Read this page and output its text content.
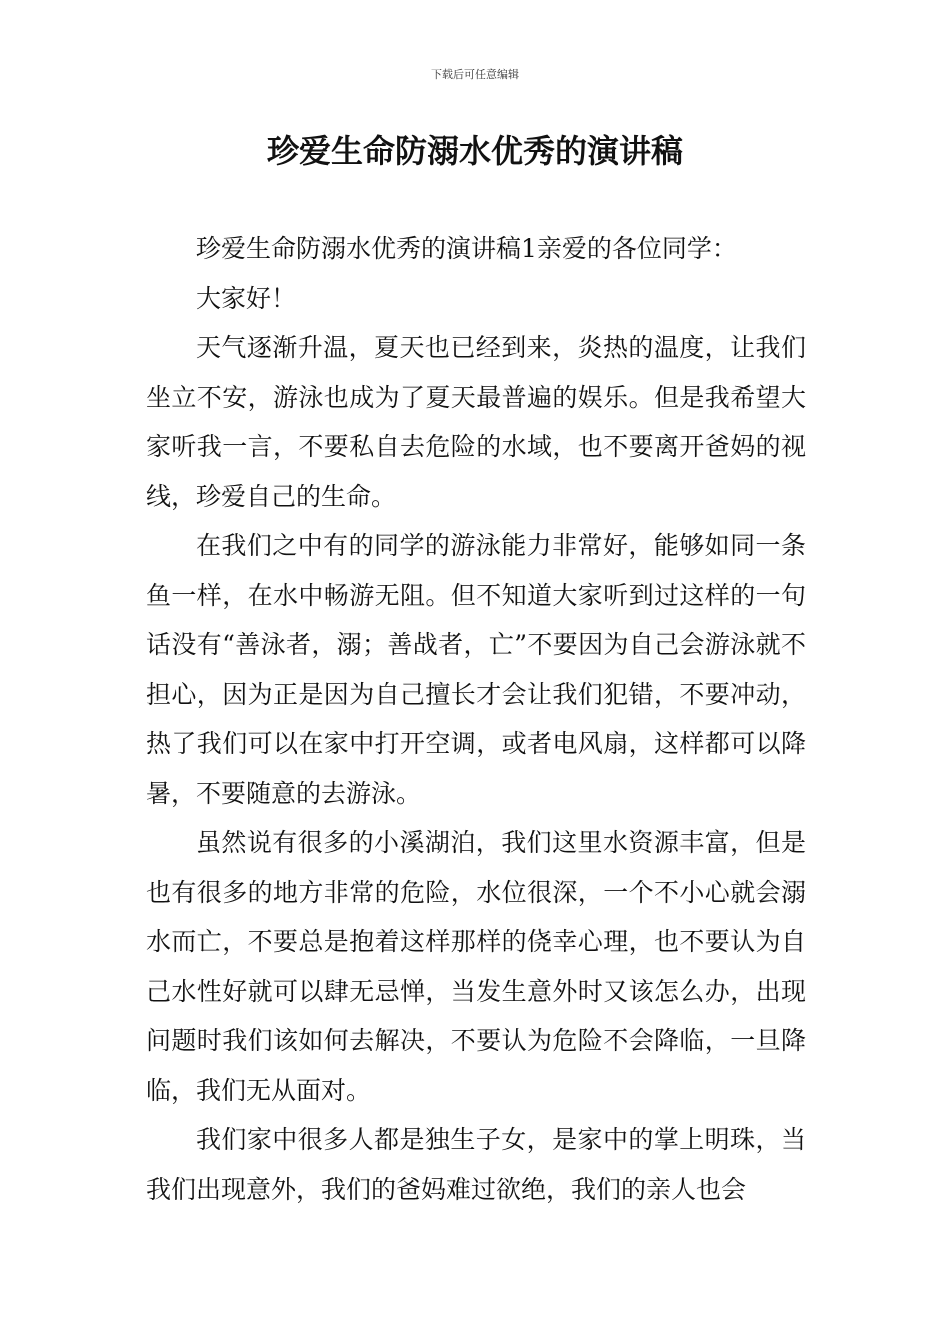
下载后可任意编辑
珍爱生命防溺水优秀的演讲稿

珍爱生命防溺水优秀的演讲稿1亲爱的各位同学：

大家好！

天气逐渐升温，夏天也已经到来，炎热的温度，让我们坐立不安，游泳也成为了夏天最普遍的娱乐。但是我希望大家听我一言，不要私自去危险的水域，也不要离开爸妈的视线，珍爱自己的生命。

在我们之中有的同学的游泳能力非常好，能够如同一条鱼一样，在水中畅游无阻。但不知道大家听到过这样的一句话没有“善泳者，溺；善战者，亡”不要因为自己会游泳就不担心，因为正是因为自己擅长才会让我们犯错，不要冲动，热了我们可以在家中打开空调，或者电风扇，这样都可以降暑，不要随意的去游泳。

虽然说有很多的小溪湖泊，我们这里水资源丰富，但是也有很多的地方非常的危险，水位很深，一个不小心就会溺水而亡，不要总是抱着这样那样的侥幸心理，也不要认为自己水性好就可以肆无忌惮，当发生意外时又该怎么办，出现问题时我们该如何去解决，不要认为危险不会降临，一旦降临，我们无从面对。

我们家中很多人都是独生子女，是家中的掌上明珠，当我们出现意外，我们的爸妈难过欲绝，我们的亲人也会
